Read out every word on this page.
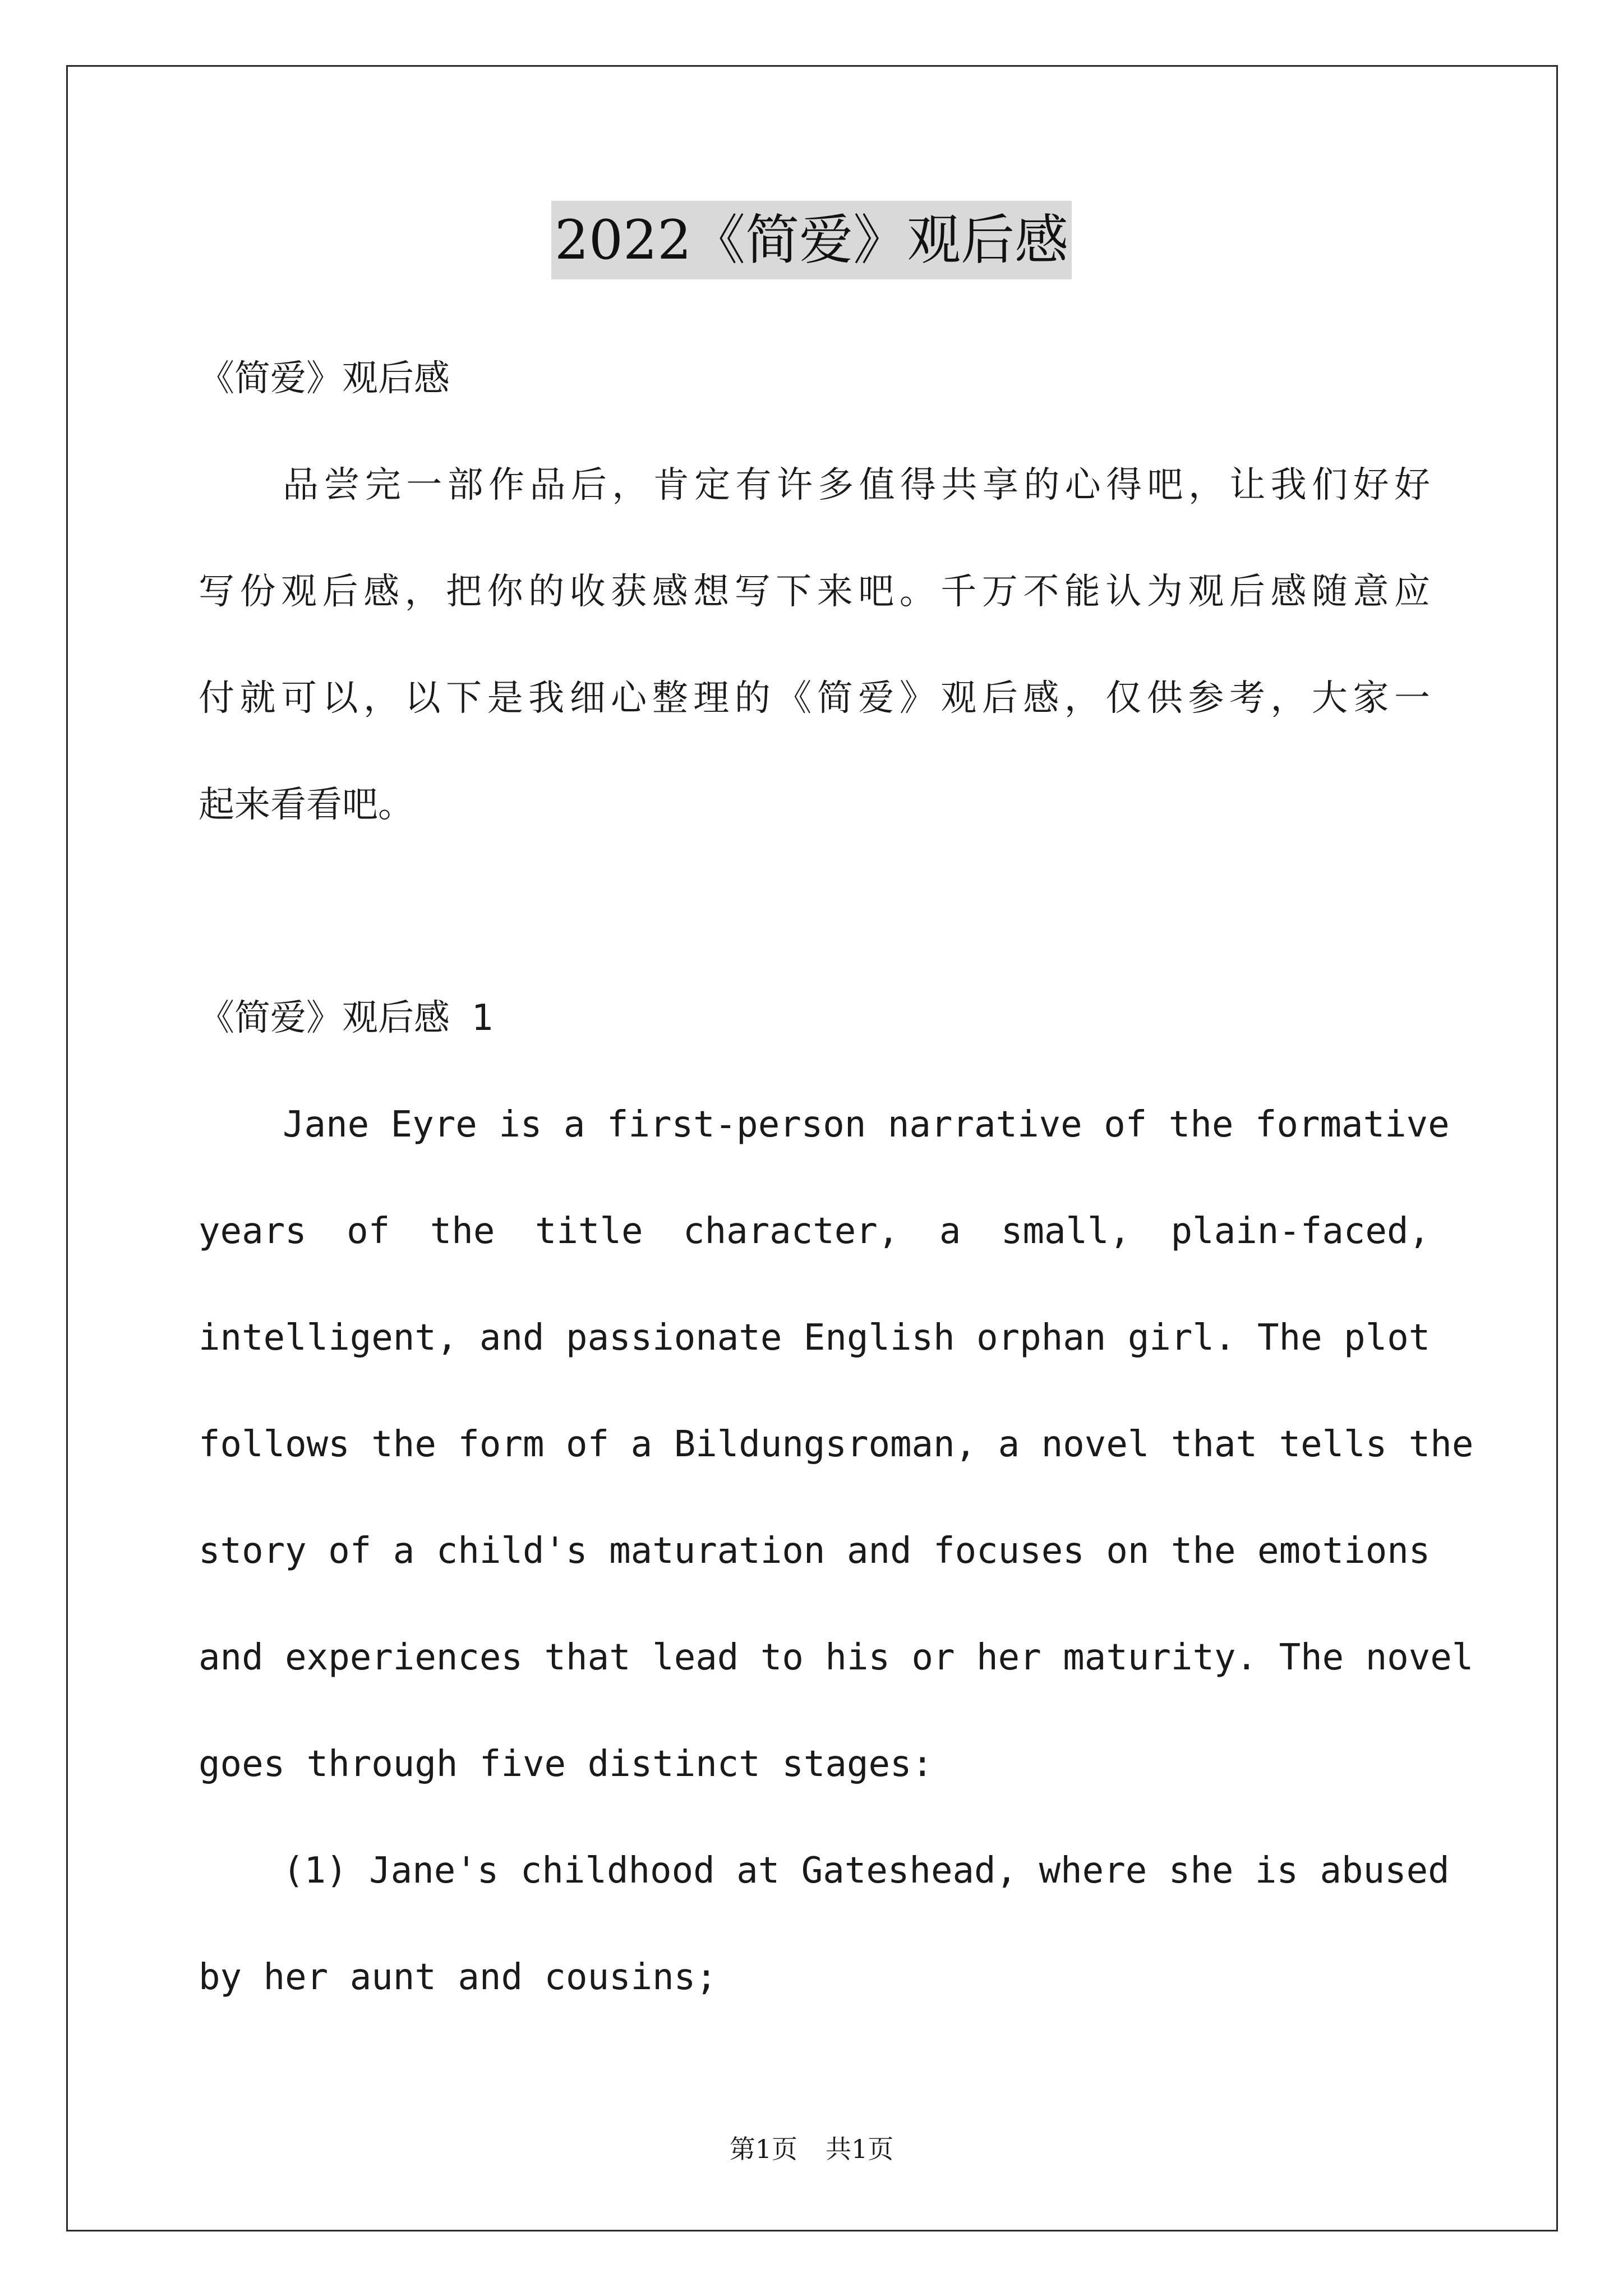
2022《简爱》观后感
《简爱》观后感
品尝完一部作品后，肯定有许多值得共享的心得吧，让我们好好
写份观后感，把你的收获感想写下来吧。千万不能认为观后感随意应
付就可以，以下是我细心整理的《简爱》观后感，仅供参考，大家一
起来看看吧。
《简爱》观后感 1
Jane Eyre is a first-person narrative of the formative
years of the title character, a small, plain-faced,
intelligent, and passionate English orphan girl. The plot
follows the form of a Bildungsroman, a novel that tells the
story of a child's maturation and focuses on the emotions
and experiences that lead to his or her maturity. The novel
goes through five distinct stages:
(1) Jane's childhood at Gateshead, where she is abused
by her aunt and cousins;
第1页 共1页
